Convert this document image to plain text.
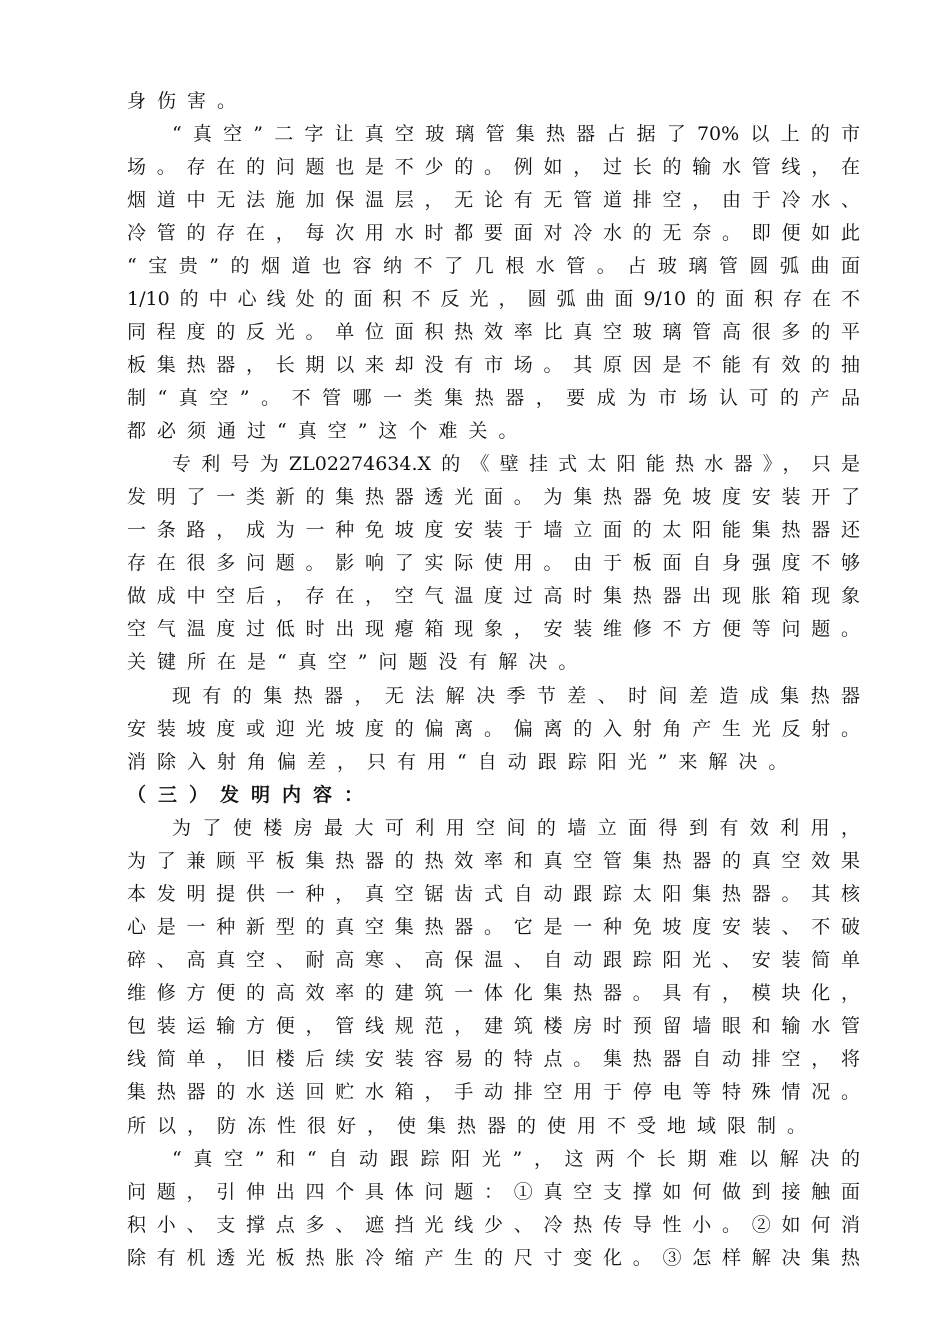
身伤害。
“真空”二字让真空玻璃管集热器占据了70%以上的市
场。存在的问题也是不少的。例如，过长的输水管线，在
烟道中无法施加保温层，无论有无管道排空，由于冷水、
冷管的存在，每次用水时都要面对冷水的无奈。即便如此
“宝贵”的烟道也容纳不了几根水管。占玻璃管圆弧曲面
1/10的中心线处的面积不反光，圆弧曲面9/10的面积存在不
同程度的反光。单位面积热效率比真空玻璃管高很多的平
板集热器，长期以来却没有市场。其原因是不能有效的抽
制“真空”。不管哪一类集热器，要成为市场认可的产品
都必须通过“真空”这个难关。
专利号为ZL02274634.X的《壁挂式太阳能热水器》，只是
发明了一类新的集热器透光面。为集热器免坡度安装开了
一条路，成为一种免坡度安装于墙立面的太阳能集热器还
存在很多问题。影响了实际使用。由于板面自身强度不够
做成中空后，存在，空气温度过高时集热器出现胀箱现象
空气温度过低时出现瘪箱现象，安装维修不方便等问题。
关键所在是“真空”问题没有解决。
现有的集热器，无法解决季节差、时间差造成集热器
安装坡度或迎光坡度的偏离。偏离的入射角产生光反射。
消除入射角偏差，只有用“自动跟踪阳光”来解决。
（三）发明内容：
为了使楼房最大可利用空间的墙立面得到有效利用，
为了兼顾平板集热器的热效率和真空管集热器的真空效果
本发明提供一种，真空锯齿式自动跟踪太阳集热器。其核
心是一种新型的真空集热器。它是一种免坡度安装、不破
碎、高真空、耐高寒、高保温、自动跟踪阳光、安装简单
维修方便的高效率的建筑一体化集热器。具有，模块化，
包装运输方便，管线规范，建筑楼房时预留墙眼和输水管
线简单，旧楼后续安装容易的特点。集热器自动排空，将
集热器的水送回贮水箱，手动排空用于停电等特殊情况。
所以，防冻性很好，使集热器的使用不受地域限制。
“真空”和“自动跟踪阳光”，这两个长期难以解决的
问题，引伸出四个具体问题：①真空支撑如何做到接触面
积小、支撑点多、遮挡光线少、冷热传导性小。②如何消
除有机透光板热胀冷缩产生的尺寸变化。③怎样解决集热
